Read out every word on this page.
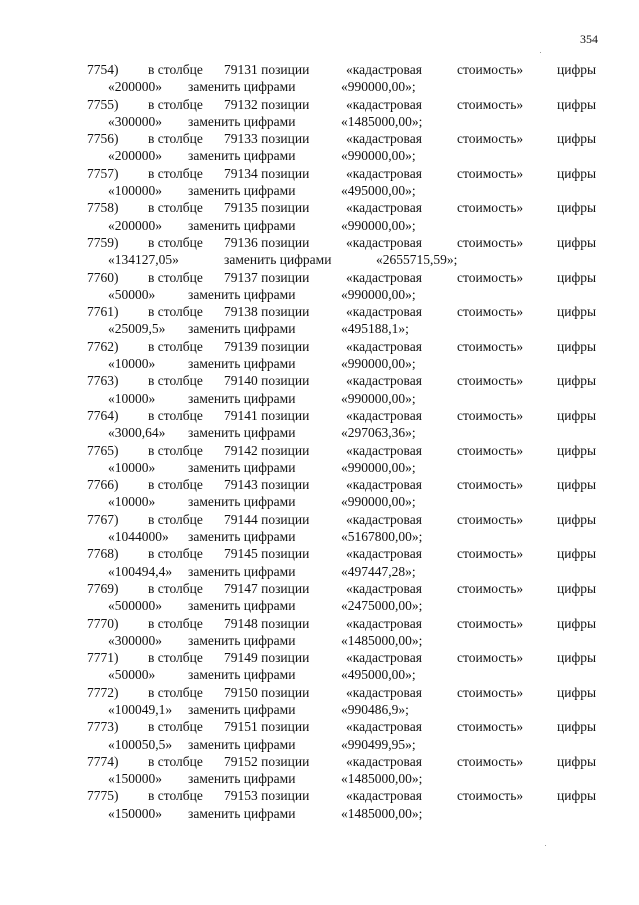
354
7754) в столбце 79131 позиции	«кадастровая	стоимость»	цифры
«200000» заменить цифрами	«990000,00»;
7755) в столбце 79132 позиции	«кадастровая	стоимость»	цифры
«300000» заменить цифрами	«1485000,00»;
7756) в столбце 79133 позиции	«кадастровая	стоимость»	цифры
«200000» заменить цифрами	«990000,00»;
7757) в столбце 79134 позиции	«кадастровая	стоимость»	цифры
«100000» заменить цифрами	«495000,00»;
7758) в столбце 79135 позиции	«кадастровая	стоимость»	цифры
«200000» заменить цифрами	«990000,00»;
7759) в столбце 79136 позиции	«кадастровая	стоимость»	цифры
«134127,05»	заменить цифрами	«2655715,59»;
7760) в столбце 79137 позиции	«кадастровая	стоимость»	цифры
«50000» заменить цифрами	«990000,00»;
7761) в столбце 79138 позиции	«кадастровая	стоимость»	цифры
«25009,5» заменить цифрами	«495188,1»;
7762) в столбце 79139 позиции	«кадастровая	стоимость»	цифры
«10000» заменить цифрами	«990000,00»;
7763) в столбце 79140 позиции	«кадастровая	стоимость»	цифры
«10000» заменить цифрами	«990000,00»;
7764) в столбце 79141 позиции	«кадастровая	стоимость»	цифры
«3000,64» заменить цифрами	«297063,36»;
7765) в столбце 79142 позиции	«кадастровая	стоимость»	цифры
«10000» заменить цифрами	«990000,00»;
7766) в столбце 79143 позиции	«кадастровая	стоимость»	цифры
«10000» заменить цифрами	«990000,00»;
7767) в столбце 79144 позиции	«кадастровая	стоимость»	цифры
«1044000» заменить цифрами	«5167800,00»;
7768) в столбце 79145 позиции	«кадастровая	стоимость»	цифры
«100494,4» заменить цифрами	«497447,28»;
7769) в столбце 79147 позиции	«кадастровая	стоимость»	цифры
«500000» заменить цифрами	«2475000,00»;
7770) в столбце 79148 позиции	«кадастровая	стоимость»	цифры
«300000» заменить цифрами	«1485000,00»;
7771) в столбце 79149 позиции	«кадастровая	стоимость»	цифры
«50000» заменить цифрами	«495000,00»;
7772) в столбце 79150 позиции	«кадастровая	стоимость»	цифры
«100049,1» заменить цифрами	«990486,9»;
7773) в столбце 79151 позиции	«кадастровая	стоимость»	цифры
«100050,5» заменить цифрами	«990499,95»;
7774) в столбце 79152 позиции	«кадастровая	стоимость»	цифры
«150000» заменить цифрами	«1485000,00»;
7775) в столбце 79153 позиции	«кадастровая	стоимость»	цифры
«150000» заменить цифрами	«1485000,00»;
